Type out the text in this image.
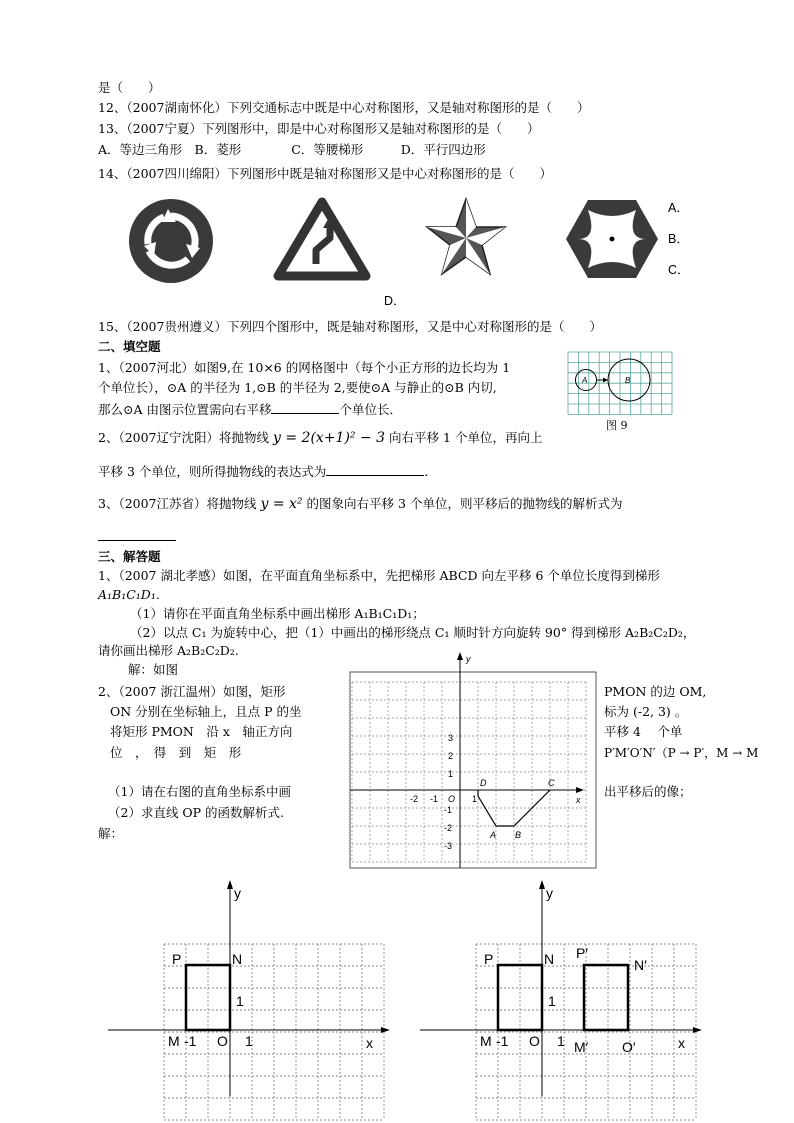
是（　　）
12、（2007湖南怀化）下列交通标志中既是中心对称图形，又是轴对称图形的是（　　）
13、（2007宁夏）下列图形中，即是中心对称图形又是轴对称图形的是（　　）
A．等边三角形　B．菱形　　　　C．等腰梯形　　　D．平行四边形
14、（2007四川绵阳）下列图形中既是轴对称图形又是中心对称图形的是（　　）
A．
B．
C．
D．
15、（2007贵州遵义）下列四个图形中，既是轴对称图形，又是中心对称图形的是（　　）
二、填空题
1、（2007河北）如图9,在 10×6 的网格图中（每个小正方形的边长均为 1
个单位长），⊙A 的半径为 1,⊙B 的半径为 2,要使⊙A 与静止的⊙B 内切,
那么⊙A 由图示位置需向右平移	个单位长．
A	B
图 9
2、（2007辽宁沈阳）将抛物线 y = 2(x+1)² − 3 向右平移 1 个单位，再向上
平移 3 个单位，则所得抛物线的表达式为	．
3、（2007江苏省）将抛物线 y = x² 的图象向右平移 3 个单位，则平移后的抛物线的解析式为
三、解答题
1、（2007 湖北孝感）如图，在平面直角坐标系中，先把梯形 ABCD 向左平移 6 个单位长度得到梯形
A₁B₁C₁D₁.
（1）请你在平面直角坐标系中画出梯形 A₁B₁C₁D₁；
（2）以点 C₁ 为旋转中心，把（1）中画出的梯形绕点 C₁ 顺时针方向旋转 90° 得到梯形 A₂B₂C₂D₂，
请你画出梯形 A₂B₂C₂D₂.
解：如图
2、（2007 浙江温州）如图，矩形	PMON 的边 OM,
ON 分别在坐标轴上，且点 P 的坐	标为 (-2, 3) 。
将矩形 PMON　沿 x　轴正方向	平移 4　 个单
位　，　得　到　矩　形	P′M′O′N′（P → P′，M → M
（1）请在右图的直角坐标系中画	出平移后的像；
（2）求直线 OP 的函数解析式.
解：
y
x
O
3
2
1
-1
-2
-3
-2 -1	1
A B
C
D
y
x
P	N
M -1 O
1
1
y
x
P	N
M -1 O
1
1
P′
N′
M′ O′
